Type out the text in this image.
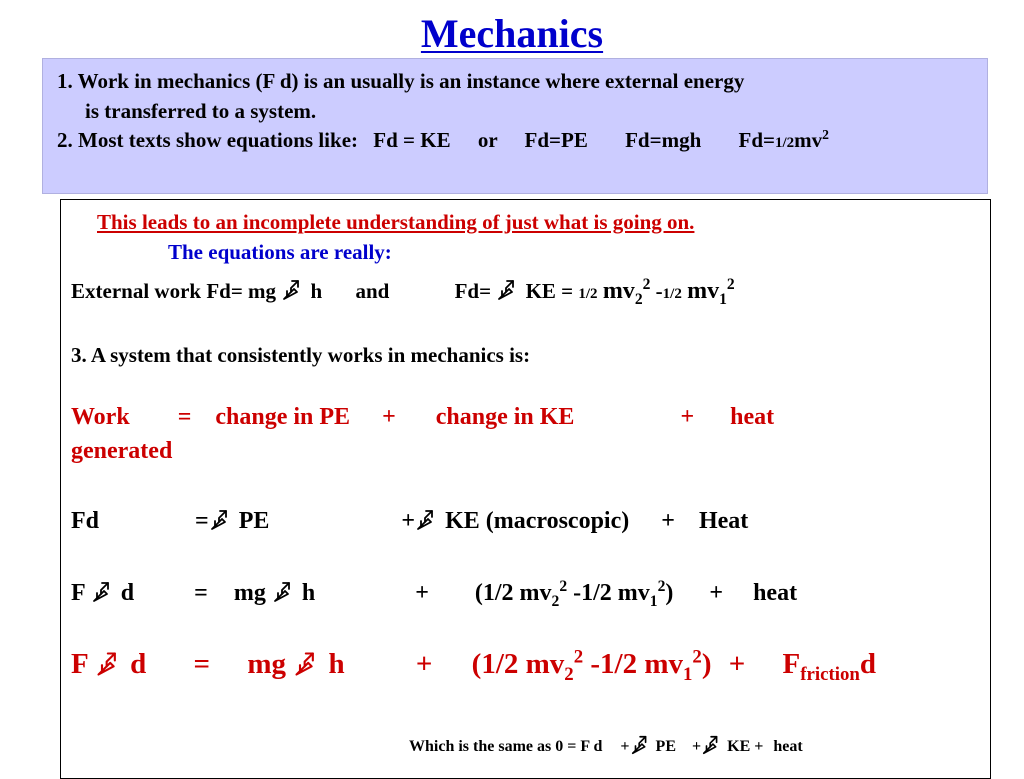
Mechanics
1. Work in mechanics (F d) is an usually is an instance where external energy
is transferred to a system.
2. Most texts show equations like: Fd = KE or Fd=PE Fd=mgh $Fd=1/2mv^2$
This leads to an incomplete understanding of just what is going on.
The equations are really:
External work Fd= mg h and	Fd= KE = 1/2 $mv_2^2$ -1/2 $mv_1^2$
3. A system that consistently works in mechanics is:
Work = change in PE + change in KE	+ heat
generated
Fd	= PE	+ KE (macroscopic) + Heat
F d	= mg h	+ (1/2 $mv_2^2$ -1/2 $mv_1^2$) + heat
F d = mg h + (1/2 $mv_2^2$ -1/2 $mv_1^2) + F_{friction}d$
Which is the same as 0 = F d + PE + KE + heat
